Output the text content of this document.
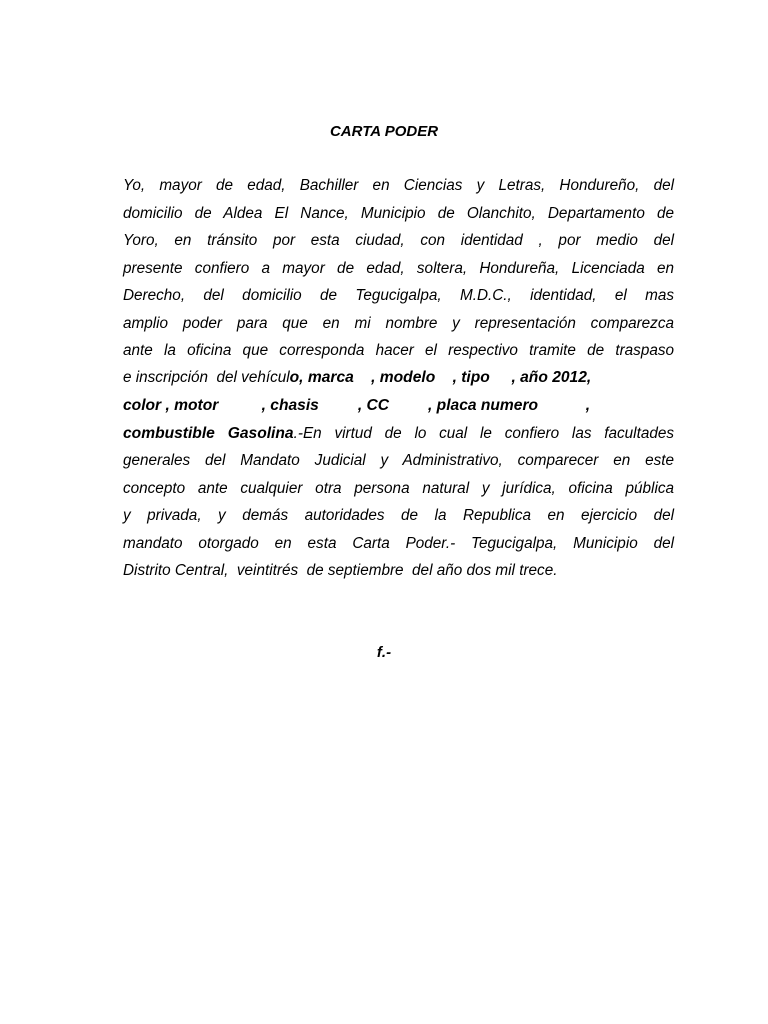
CARTA PODER
Yo, mayor de edad, Bachiller en Ciencias y Letras, Hondureño, del
domicilio de Aldea El Nance, Municipio de Olanchito, Departamento de
Yoro, en tránsito por esta ciudad, con identidad , por medio del
presente confiero a mayor de edad, soltera, Hondureña, Licenciada en
Derecho, del domicilio de Tegucigalpa, M.D.C., identidad, el mas
amplio poder para que en mi nombre y representación comparezca
ante la oficina que corresponda hacer el respectivo tramite de traspaso
e inscripción  del vehículo, marca    , modelo    , tipo     , año 2012,
color , motor          , chasis         , CC         , placa numero           ,
combustible Gasolina.-En virtud de lo cual le confiero las facultades
generales del Mandato Judicial y Administrativo, comparecer en este
concepto ante cualquier otra persona natural y jurídica, oficina pública
y privada, y demás autoridades de la Republica en ejercicio del
mandato otorgado en esta Carta Poder.- Tegucigalpa, Municipio del
Distrito Central,  veintitrés  de septiembre  del año dos mil trece.
f.-
